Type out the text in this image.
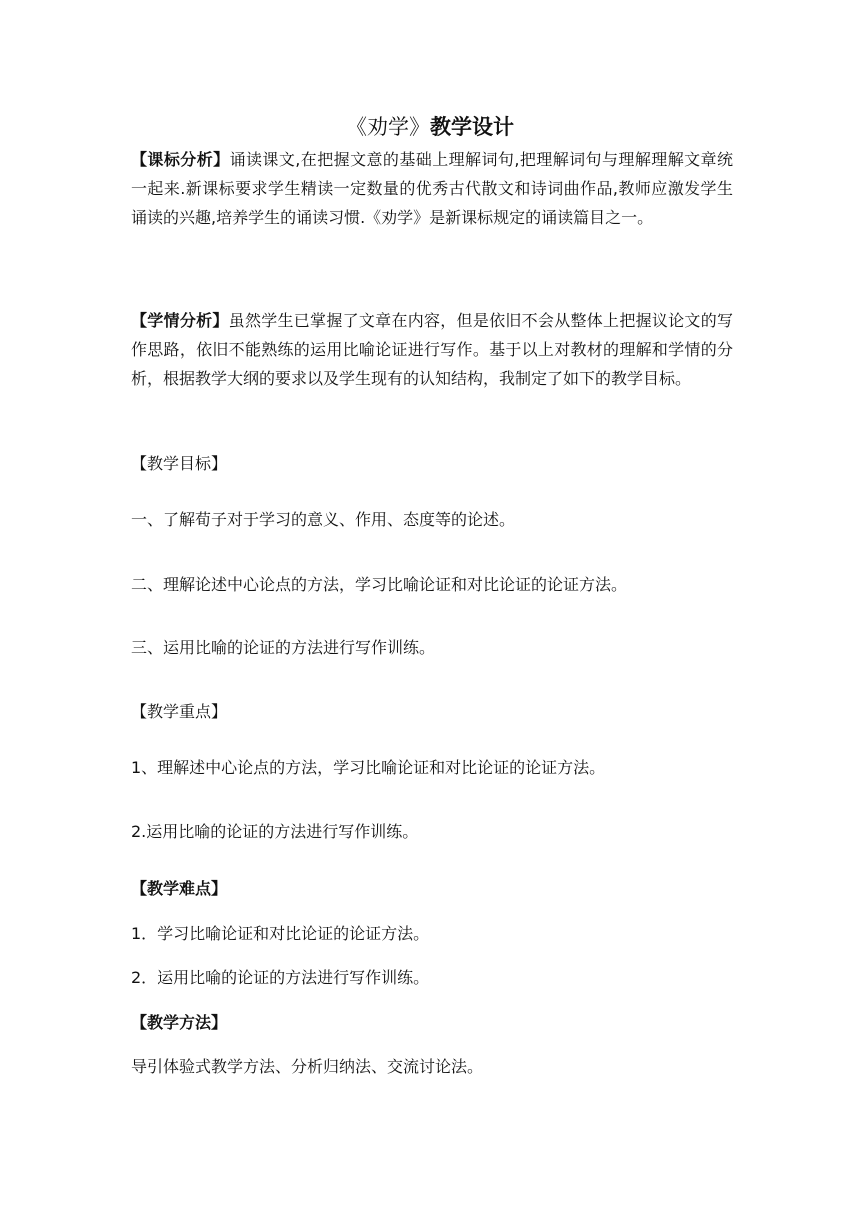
《劝学》教学设计
【课标分析】诵读课文,在把握文意的基础上理解词句,把理解词句与理解理解文章统一起来.新课标要求学生精读一定数量的优秀古代散文和诗词曲作品,教师应激发学生诵读的兴趣,培养学生的诵读习惯.《劝学》是新课标规定的诵读篇目之一。
【学情分析】虽然学生已掌握了文章在内容，但是依旧不会从整体上把握议论文的写作思路，依旧不能熟练的运用比喻论证进行写作。基于以上对教材的理解和学情的分析，根据教学大纲的要求以及学生现有的认知结构，我制定了如下的教学目标。
【教学目标】
一、了解荀子对于学习的意义、作用、态度等的论述。
二、理解论述中心论点的方法，学习比喻论证和对比论证的论证方法。
三、运用比喻的论证的方法进行写作训练。
【教学重点】
1、理解述中心论点的方法，学习比喻论证和对比论证的论证方法。
2.运用比喻的论证的方法进行写作训练。
【教学难点】
1．学习比喻论证和对比论证的论证方法。
2．运用比喻的论证的方法进行写作训练。
【教学方法】
导引体验式教学方法、分析归纳法、交流讨论法。
